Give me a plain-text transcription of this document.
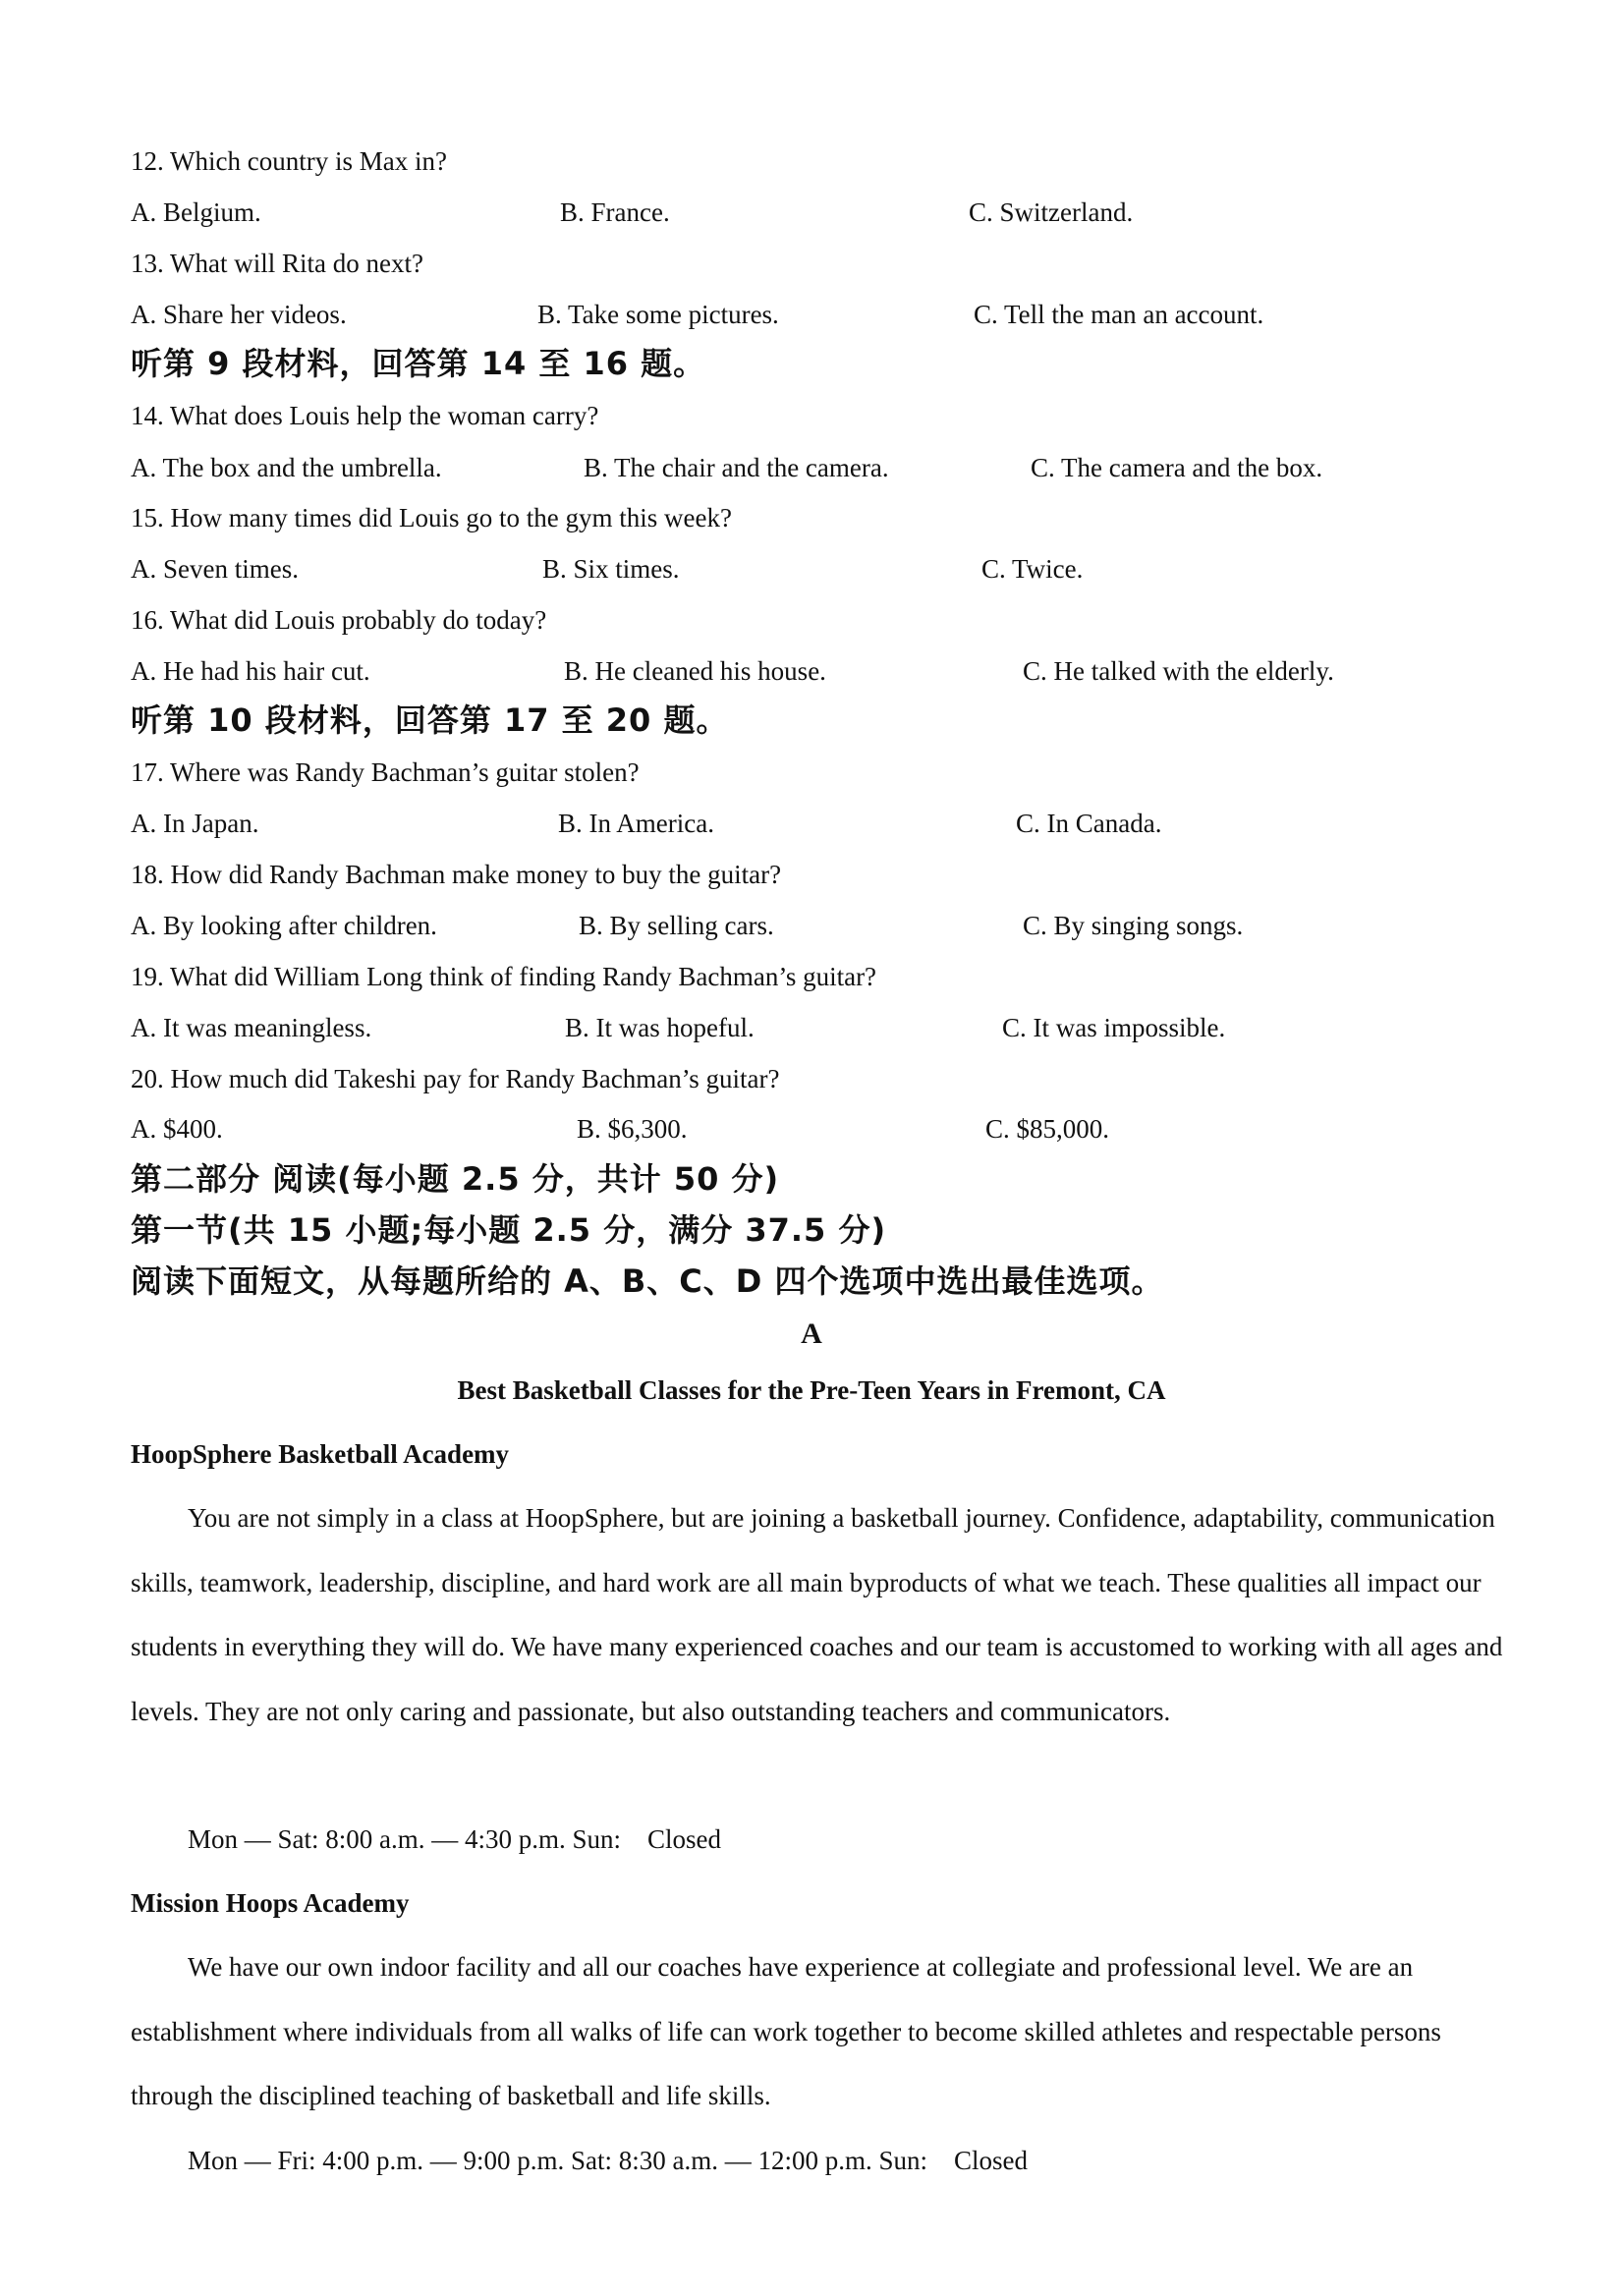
12. Which country is Max in?
A. Belgium.	B. France.	C. Switzerland.
13. What will Rita do next?
A. Share her videos.	B. Take some pictures.	C. Tell the man an account.
听第 9 段材料，回答第 14 至 16 题。
14. What does Louis help the woman carry?
A. The box and the umbrella.	B. The chair and the camera.	C. The camera and the box.
15. How many times did Louis go to the gym this week?
A. Seven times.	B. Six times.	C. Twice.
16. What did Louis probably do today?
A. He had his hair cut.	B. He cleaned his house.	C. He talked with the elderly.
听第 10 段材料，回答第 17 至 20 题。
17. Where was Randy Bachman’s guitar stolen?
A. In Japan.	B. In America.	C. In Canada.
18. How did Randy Bachman make money to buy the guitar?
A. By looking after children.	B. By selling cars.	C. By singing songs.
19. What did William Long think of finding Randy Bachman’s guitar?
A. It was meaningless.	B. It was hopeful.	C. It was impossible.
20. How much did Takeshi pay for Randy Bachman’s guitar?
A. $400.	B. $6,300.	C. $85,000.
第二部分 阅读(每小题 2.5 分，共计 50 分)
第一节(共 15 小题;每小题 2.5 分，满分 37.5 分)
阅读下面短文，从每题所给的 A、B、C、D 四个选项中选出最佳选项。
A
Best Basketball Classes for the Pre-Teen Years in Fremont, CA
HoopSphere Basketball Academy

You are not simply in a class at HoopSphere, but are joining a basketball journey. Confidence, adaptability, communication skills, teamwork, leadership, discipline, and hard work are all main byproducts of what we teach. These qualities all impact our students in everything they will do. We have many experienced coaches and our team is accustomed to working with all ages and levels. They are not only caring and passionate, but also outstanding teachers and communicators.

Mon — Sat: 8:00 a.m. — 4:30 p.m. Sun:    Closed
Mission Hoops Academy

We have our own indoor facility and all our coaches have experience at collegiate and professional level. We are an establishment where individuals from all walks of life can work together to become skilled athletes and respectable persons through the disciplined teaching of basketball and life skills.

Mon — Fri: 4:00 p.m. — 9:00 p.m. Sat: 8:30 a.m. — 12:00 p.m. Sun:    Closed
